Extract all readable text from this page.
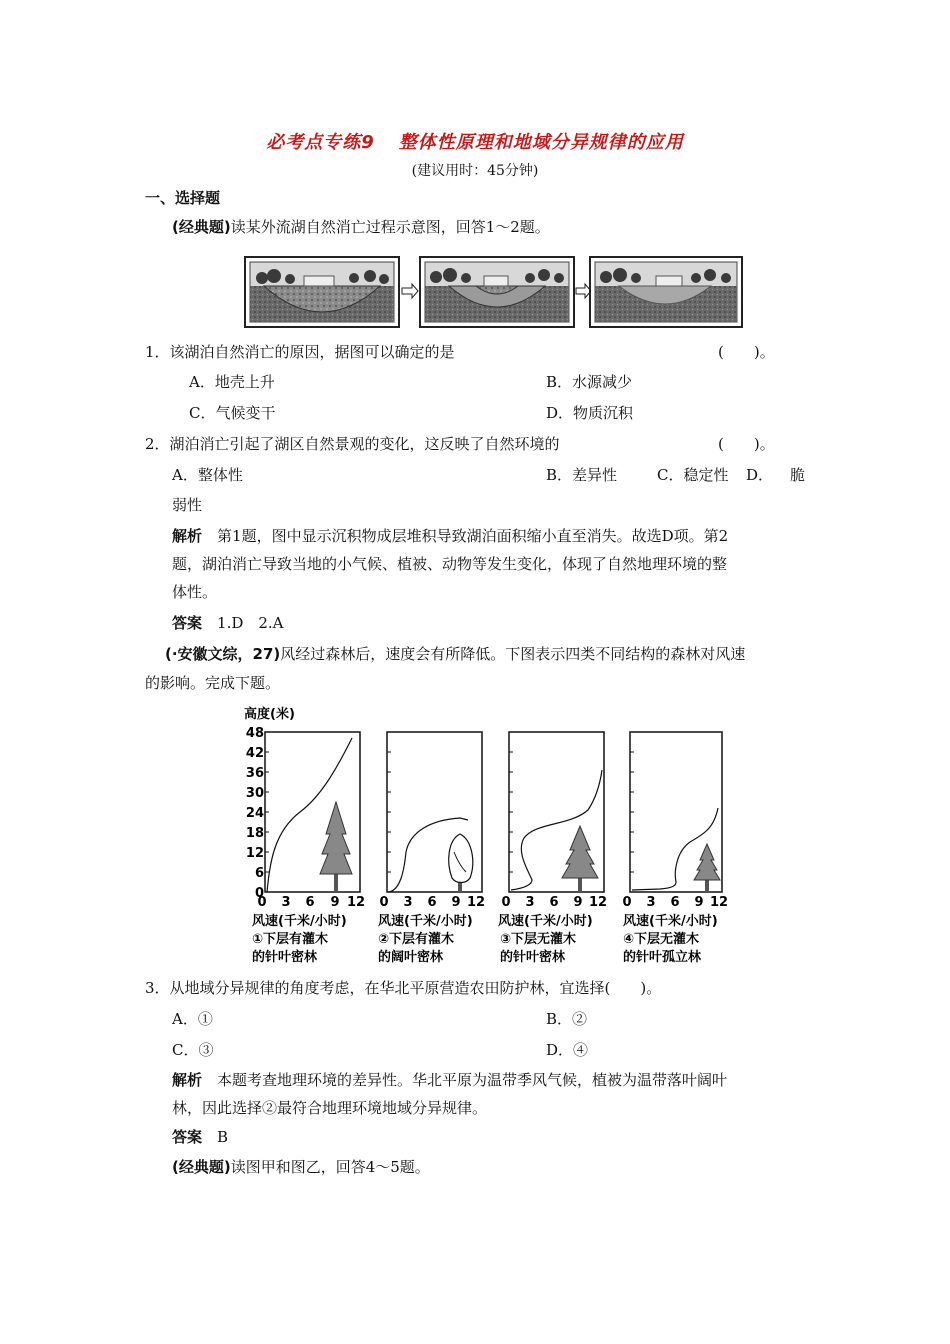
必考点专练9 整体性原理和地域分异规律的应用
(建议用时：45分钟)
一、选择题
(经典题)读某外流湖自然消亡过程示意图，回答1～2题。
1．该湖泊自然消亡的原因，据图可以确定的是	(　　)。
A．地壳上升	B．水源减少
C．气候变干	D．物质沉积
2．湖泊消亡引起了湖区自然景观的变化，这反映了自然环境的	(　　)。
A．整体性	B．差异性	C．稳定性 D． 脆
弱性
解析　 第1题，图中显示沉积物成层堆积导致湖泊面积缩小直至消失。故选D项。第2
题，湖泊消亡导致当地的小气候、植被、动物等发生变化，体现了自然地理环境的整
体性。
答案　 1.D　2.A
(·安徽文综，27)风经过森林后，速度会有所降低。下图表示四类不同结构的森林对风速
的影响。完成下题。
高度(米)
48
42
36
30
24
18
12
6
0
0 3 6 9 12
风速(千米/小时)
①下层有灌木
的针叶密林
0 3 6 9 12
风速(千米/小时)
②下层有灌木
的阔叶密林
0 3 6 9 12
风速(千米/小时)
③下层无灌木
的针叶密林
0 3 6 9 12
风速(千米/小时)
④下层无灌木
的针叶孤立林
3．从地域分异规律的角度考虑，在华北平原营造农田防护林，宜选择(　　)。
A．①	B．②
C．③	D．④
解析　 本题考查地理环境的差异性。华北平原为温带季风气候，植被为温带落叶阔叶
林，因此选择②最符合地理环境地域分异规律。
答案　 B
(经典题)读图甲和图乙，回答4～5题。
